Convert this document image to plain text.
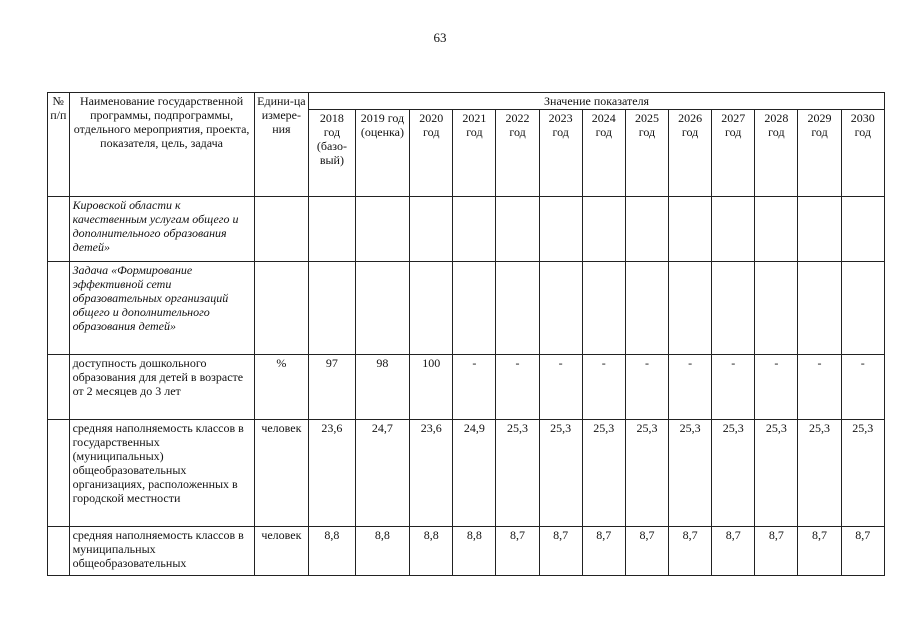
63
№ п/п	Наименование государственной программы, подпрограммы, отдельного мероприятия, проекта, показателя, цель, задача	Едини-ца измере-ния	Значение показателя												
			2018 год (базо-вый)	2019 год (оценка)	2020 год	2021 год	2022 год	2023 год	2024 год	2025 год	2026 год	2027 год	2028 год	2029 год	2030 год
	Кировской области к качественным услугам общего и дополнительного образования детей»														
	Задача «Формирование эффективной сети образовательных организаций общего и дополнительного образования детей»														
	доступность дошкольного образования для детей в возрасте от 2 месяцев до 3 лет	%	97	98	100	-	-	-	-	-	-	-	-	-	-
	средняя наполняемость классов в государственных (муниципальных) общеобразовательных организациях, расположенных в городской местности	человек	23,6	24,7	23,6	24,9	25,3	25,3	25,3	25,3	25,3	25,3	25,3	25,3	25,3
	средняя наполняемость классов в муниципальных общеобразовательных	человек	8,8	8,8	8,8	8,8	8,7	8,7	8,7	8,7	8,7	8,7	8,7	8,7	8,7
